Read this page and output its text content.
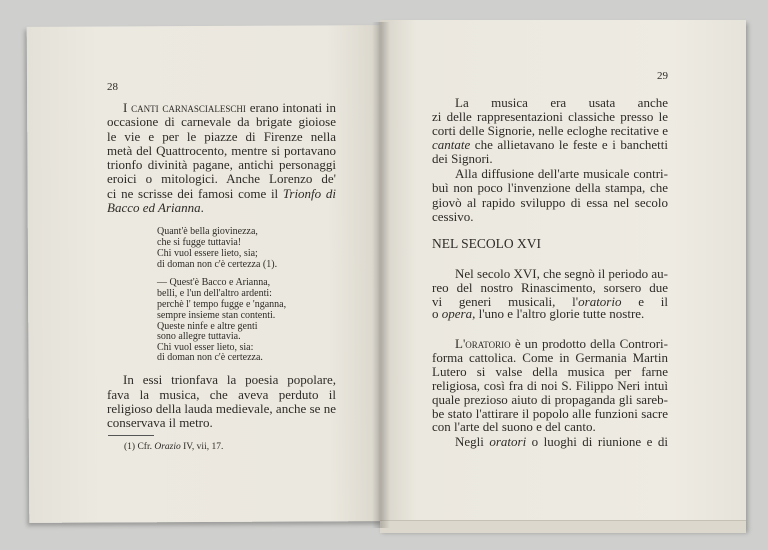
28
I canti carnascialeschi erano intonati in
occasione di carnevale da brigate gioiose
le vie e per le piazze di Firenze nella
metà del Quattrocento, mentre si portavano
trionfo divinità pagane, antichi personaggi
eroici o mitologici. Anche Lorenzo de'
ci ne scrisse dei famosi come il Trionfo di
Bacco ed Arianna.
Quant'è bella giovinezza,
che si fugge tuttavia!
Chi vuol essere lieto, sia;
di doman non c'è certezza (1).
— Quest'è Bacco e Arianna,
belli, e l'un dell'altro ardenti:
perchè l' tempo fugge e 'nganna,
sempre insieme stan contenti.
Queste ninfe e altre genti
sono allegre tuttavia.
Chi vuol esser lieto, sia:
di doman non c'è certezza.
In essi trionfava la poesia popolare,
fava la musica, che aveva perduto il
religioso della lauda medievale, anche se ne
conservava il metro.
(1) Cfr. Orazio IV, vii, 17.
29
La musica era usata anche
zi delle rappresentazioni classiche presso le
corti delle Signorie, nelle ecloghe recitative e
cantate che allietavano le feste e i banchetti
dei Signori.
Alla diffusione dell'arte musicale contri-
buì non poco l'invenzione della stampa, che
giovò al rapido sviluppo di essa nel secolo
cessivo.
NEL SECOLO XVI
Nel secolo XVI, che segnò il periodo au-
reo del nostro Rinascimento, sorsero due
vi generi musicali, l'oratorio e il
o opera, l'uno e l'altro glorie tutte nostre.
L'oratorio è un prodotto della Controri-
forma cattolica. Come in Germania Martin
Lutero si valse della musica per farne
religiosa, così fra di noi S. Filippo Neri intuì
quale prezioso aiuto di propaganda gli sareb-
be stato l'attirare il popolo alle funzioni sacre
con l'arte del suono e del canto.
Negli oratori o luoghi di riunione e di
